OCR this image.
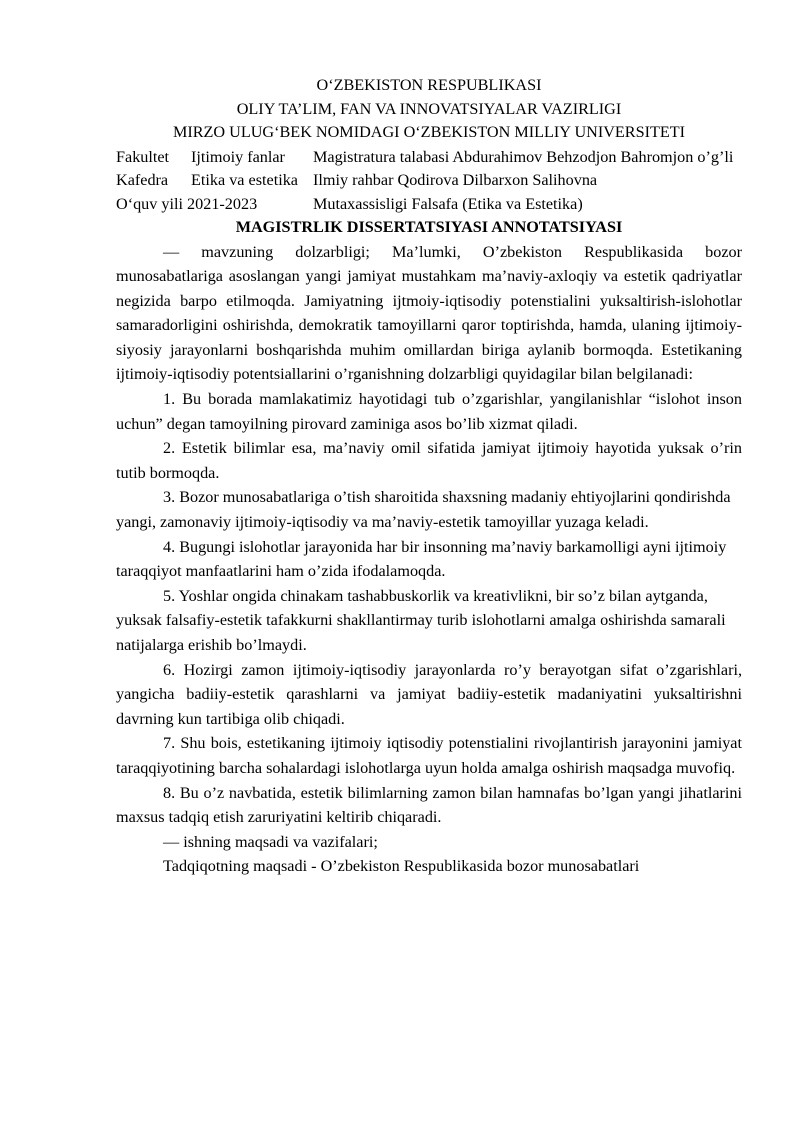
O‘ZBEKISTON RESPUBLIKASI
OLIY TA’LIM, FAN VA INNOVATSIYALAR VAZIRLIGI
MIRZO ULUG‘BEK NOMIDAGI O‘ZBEKISTON MILLIY UNIVERSITETI
Fakultet Ijtimoiy fanlar	Magistratura talabasi Abdurahimov Behzodjon Bahromjon o’g’li
Kafedra Etika va estetika Ilmiy rahbar Qodirova Dilbarxon Salihovna
O‘quv yili 2021-2023	Mutaxassisligi Falsafa (Etika va Estetika)
MAGISTRLIK DISSERTATSIYASI ANNOTATSIYASI

— mavzuning dolzarbligi; Ma’lumki, O’zbekiston Respublikasida bozor munosabatlariga asoslangan yangi jamiyat mustahkam ma’naviy-axloqiy va estetik qadriyatlar negizida barpo etilmoqda. Jamiyatning ijtmoiy-iqtisodiy potenstialini yuksaltirish-islohotlar samaradorligini oshirishda, demokratik tamoyillarni qaror toptirishda, hamda, ulaning ijtimoiy-siyosiy jarayonlarni boshqarishda muhim omillardan biriga aylanib bormoqda. Estetikaning ijtimoiy-iqtisodiy potentsiallarini o’rganishning dolzarbligi quyidagilar bilan belgilanadi:

1. Bu borada mamlakatimiz hayotidagi tub o’zgarishlar, yangilanishlar “islohot inson uchun” degan tamoyilning pirovard zaminiga asos bo’lib xizmat qiladi.

2. Estetik bilimlar esa, ma’naviy omil sifatida jamiyat ijtimoiy hayotida yuksak o’rin tutib bormoqda.

3. Bozor munosabatlariga o’tish sharoitida shaxsning madaniy ehtiyojlarini qondirishda yangi, zamonaviy ijtimoiy-iqtisodiy va ma’naviy-estetik tamoyillar yuzaga keladi.

4. Bugungi islohotlar jarayonida har bir insonning ma’naviy barkamolligi ayni ijtimoiy taraqqiyot manfaatlarini ham o’zida ifodalamoqda.

5. Yoshlar ongida chinakam tashabbuskorlik va kreativlikni, bir so’z bilan aytganda, yuksak falsafiy-estetik tafakkurni shakllantirmay turib islohotlarni amalga oshirishda samarali natijalarga erishib bo’lmaydi.

6. Hozirgi zamon ijtimoiy-iqtisodiy jarayonlarda ro’y berayotgan sifat o’zgarishlari, yangicha badiiy-estetik qarashlarni va jamiyat badiiy-estetik madaniyatini yuksaltirishni davrning kun tartibiga olib chiqadi.

7. Shu bois, estetikaning ijtimoiy iqtisodiy potenstialini rivojlantirish jarayonini jamiyat taraqqiyotining barcha sohalardagi islohotlarga uyun holda amalga oshirish maqsadga muvofiq.

8. Bu o’z navbatida, estetik bilimlarning zamon bilan hamnafas bo’lgan yangi jihatlarini maxsus tadqiq etish zaruriyatini keltirib chiqaradi.

— ishning maqsadi va vazifalari;

Tadqiqotning maqsadi - O’zbekiston Respublikasida bozor munosabatlari
